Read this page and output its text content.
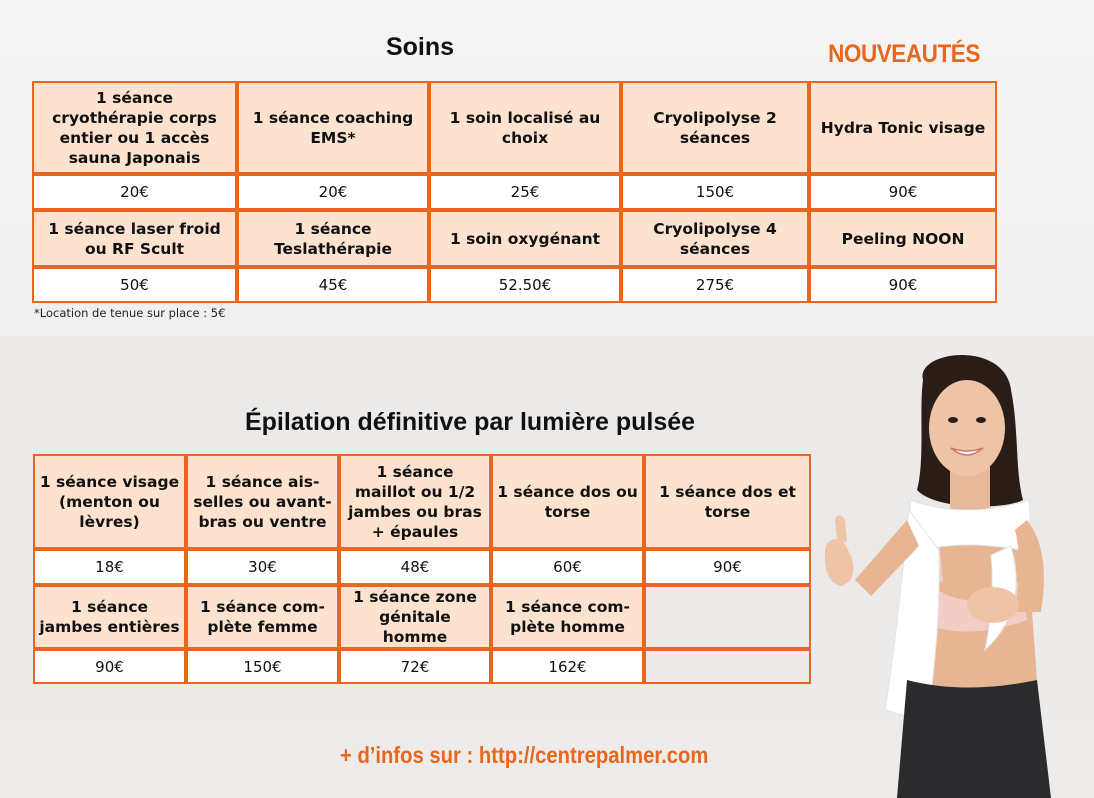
Soins	NOUVEAUTÉS
1 séance cryothérapie corps entier ou 1 accès sauna Japonais	1 séance coaching EMS*	1 soin localisé au choix	Cryolipolyse 2 séances	Hydra Tonic visage
20€	20€	25€	150€	90€
1 séance laser froid ou RF Scult	1 séance Teslathérapie	1 soin oxygénant	Cryolipolyse 4 séances	Peeling NOON
50€	45€	52.50€	275€	90€
*Location de tenue sur place : 5€
Épilation définitive par lumière pulsée
1 séance visage (menton ou lèvres)	1 séance ais-selles ou avant-bras ou ventre	1 séance maillot ou 1/2 jambes ou bras + épaules	1 séance dos ou torse	1 séance dos et torse
18€	30€	48€	60€	90€
1 séance jambes entières	1 séance com-plète femme	1 séance zone génitale homme	1 séance com-plète homme	
90€	150€	72€	162€	
+ d’infos sur : http://centrepalmer.com
